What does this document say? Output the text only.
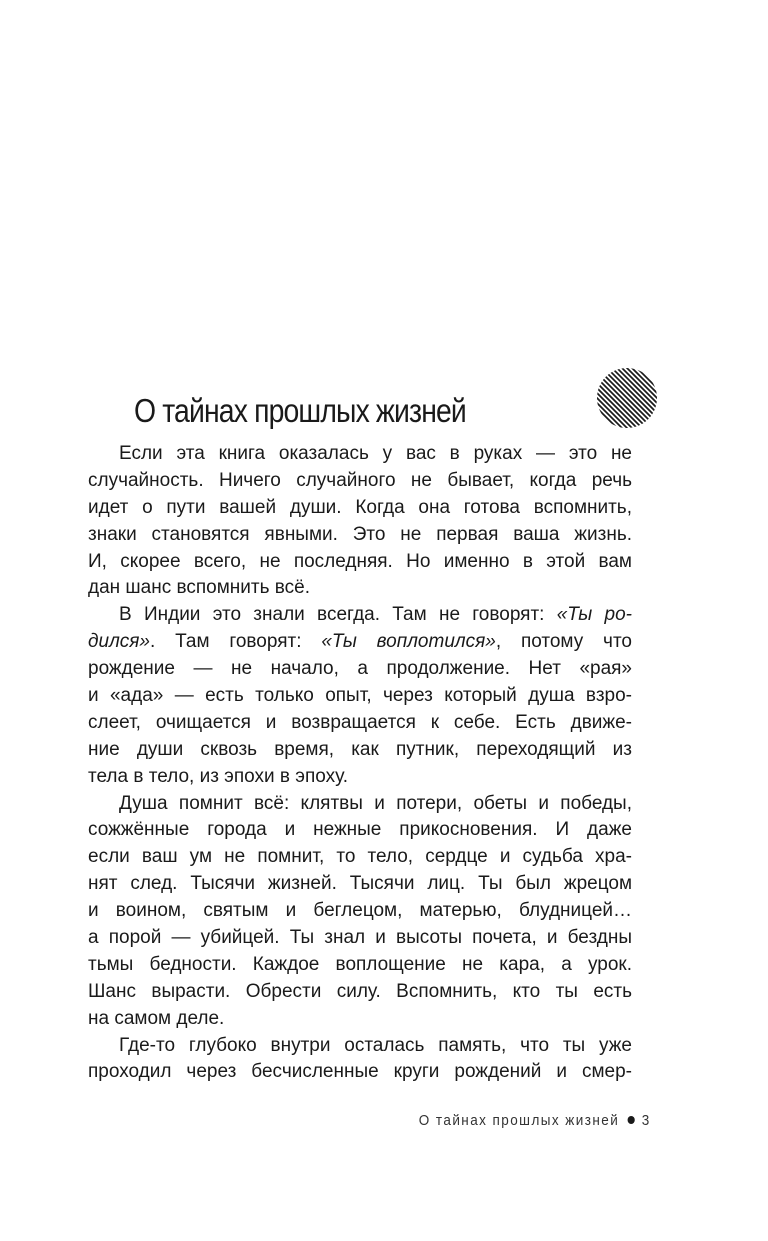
О тайнах прошлых жизней
Если эта книга оказалась у вас в руках — это не
случайность. Ничего случайного не бывает, когда речь
идет о пути вашей души. Когда она готова вспомнить,
знаки становятся явными. Это не первая ваша жизнь.
И, скорее всего, не последняя. Но именно в этой вам
дан шанс вспомнить всё.
В Индии это знали всегда. Там не говорят: «Ты ро-
дился». Там говорят: «Ты воплотился», потому что
рождение — не начало, а продолжение. Нет «рая»
и «ада» — есть только опыт, через который душа взро-
слеет, очищается и возвращается к себе. Есть движе-
ние души сквозь время, как путник, переходящий из
тела в тело, из эпохи в эпоху.
Душа помнит всё: клятвы и потери, обеты и победы,
сожжённые города и нежные прикосновения. И даже
если ваш ум не помнит, то тело, сердце и судьба хра-
нят след. Тысячи жизней. Тысячи лиц. Ты был жрецом
и воином, святым и беглецом, матерью, блудницей…
а порой — убийцей. Ты знал и высоты почета, и бездны
тьмы бедности. Каждое воплощение не кара, а урок.
Шанс вырасти. Обрести силу. Вспомнить, кто ты есть
на самом деле.
Где-то глубоко внутри осталась память, что ты уже
проходил через бесчисленные круги рождений и смер-
О тайнах прошлых жизней 3
